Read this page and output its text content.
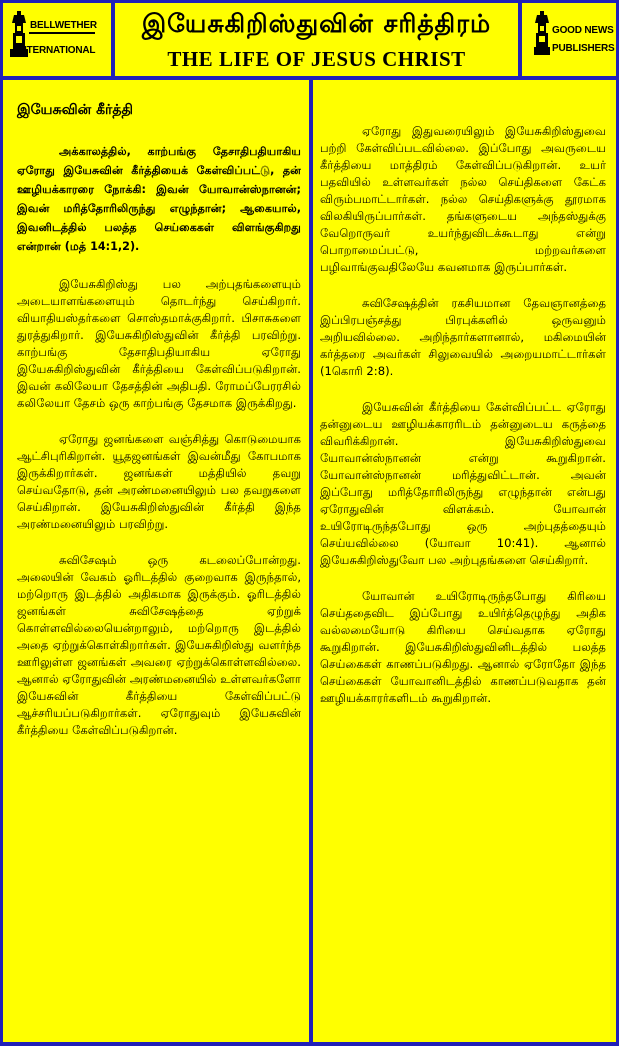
BELLWETHER
INTERNATIONAL
இயேசுகிறிஸ்துவின் சரித்திரம்
THE LIFE OF JESUS CHRIST
GOOD NEWS
PUBLISHERS

இயேசுவின் கீர்த்தி

அக்காலத்தில், காற்பங்கு தேசாதிபதியாகிய ஏரோது இயேசுவின் கீர்த்தியைக் கேள்விப்பட்டு, தன் ஊழியக்காரரை நோக்கி: இவன் யோவான்ஸ்நானன்; இவன் மரித்தோரிலிருந்து எழுந்தான்; ஆகையால், இவனிடத்தில் பலத்த செய்கைகள் விளங்குகிறது என்றான் (மத் 14:1,2).

இயேசுகிறிஸ்து பல அற்புதங்களையும் அடையாளங்களையும் தொடர்ந்து செய்கிறார். வியாதியஸ்தர்களை சொஸ்தமாக்குகிறார். பிசாசுகளை துரத்துகிறார். இயேசுகிறிஸ்துவின் கீர்த்தி பரவிற்று. காற்பங்கு தேசாதிபதியாகிய ஏரோது இயேசுகிறிஸ்துவின் கீர்த்தியை கேள்விப்படுகிறான். இவன் கலிலேயா தேசத்தின் அதிபதி. ரோமப்பேரரசில் கலிலேயா தேசம் ஒரு காற்பங்கு தேசமாக இருக்கிறது.

ஏரோது ஜனங்களை வஞ்சித்து கொடுமையாக ஆட்சிபுரிகிறான். யூதஜனங்கள் இவன்மீது கோபமாக இருக்கிறார்கள். ஜனங்கள் மத்தியில் தவறு செய்வதோடு, தன் அரண்மனையிலும் பல தவறுகளை செய்கிறான். இயேசுகிறிஸ்துவின் கீர்த்தி இந்த அரண்மனையிலும் பரவிற்று.

சுவிசேஷம் ஒரு கடலைப்போன்றது. அலையின் வேகம் ஓரிடத்தில் குறைவாக இருந்தால், மற்றொரு இடத்தில் அதிகமாக இருக்கும். ஓரிடத்தில் ஜனங்கள் சுவிசேஷத்தை ஏற்றுக் கொள்ளவில்லையென்றாலும், மற்றொரு இடத்தில் அதை ஏற்றுக்கொள்கிறார்கள். இயேசுகிறிஸ்து வளர்ந்த ஊரிலுள்ள ஜனங்கள் அவரை ஏற்றுக்கொள்ளவில்லை. ஆனால் ஏரோதுவின் அரண்மனையில் உள்ளவர்களோ இயேசுவின் கீர்த்தியை கேள்விப்பட்டு ஆச்சரியப்படுகிறார்கள். ஏரோதுவும் இயேசுவின் கீர்த்தியை கேள்விப்படுகிறான்.

ஏரோது இதுவரையிலும் இயேசுகிறிஸ்துவை பற்றி கேள்விப்படவில்லை. இப்போது அவருடைய கீர்த்தியை மாத்திரம் கேள்விப்படுகிறான். உயர் பதவியில் உள்ளவர்கள் நல்ல செய்திகளை கேட்க விரும்பமாட்டார்கள். நல்ல செய்திகளுக்கு தூரமாக விலகியிருப்பார்கள். தங்களுடைய அந்தஸ்துக்கு வேறொருவர் உயர்ந்துவிடக்கூடாது என்று பொறாமைப்பட்டு, மற்றவர்களை பழிவாங்குவதிலேயே கவனமாக இருப்பார்கள்.

சுவிசேஷத்தின் ரகசியமான தேவஞானத்தை இப்பிரபஞ்சத்து பிரபுக்களில் ஒருவனும் அறியவில்லை. அறிந்தார்களானால், மகிமையின் கர்த்தரை அவர்கள் சிலுவையில் அறையமாட்டார்கள் (1கொரி 2:8).

இயேசுவின் கீர்த்தியை கேள்விப்பட்ட ஏரோது தன்னுடைய ஊழியக்காரரிடம் தன்னுடைய கருத்தை விவரிக்கிறான். இயேசுகிறிஸ்துவை யோவான்ஸ்நானன் என்று கூறுகிறான். யோவான்ஸ்நானன் மரித்துவிட்டான். அவன் இப்போது மரித்தோரிலிருந்து எழுந்தான் என்பது ஏரோதுவின் விளக்கம். யோவான் உயிரோடிருந்தபோது ஒரு அற்புதத்தையும் செய்யவில்லை (யோவா 10:41). ஆனால் இயேசுகிறிஸ்துவோ பல அற்புதங்களை செய்கிறார்.

யோவான் உயிரோடிருந்தபோது கிரியை செய்ததைவிட இப்போது உயிர்த்தெழுந்து அதிக வல்லமையோடு கிரியை செய்வதாக ஏரோது கூறுகிறான். இயேசுகிறிஸ்துவினிடத்தில் பலத்த செய்கைகள் காணப்படுகிறது. ஆனால் ஏரோதோ இந்த செய்கைகள் யோவானிடத்தில் காணப்படுவதாக தன் ஊழியக்காரர்களிடம் கூறுகிறான்.
